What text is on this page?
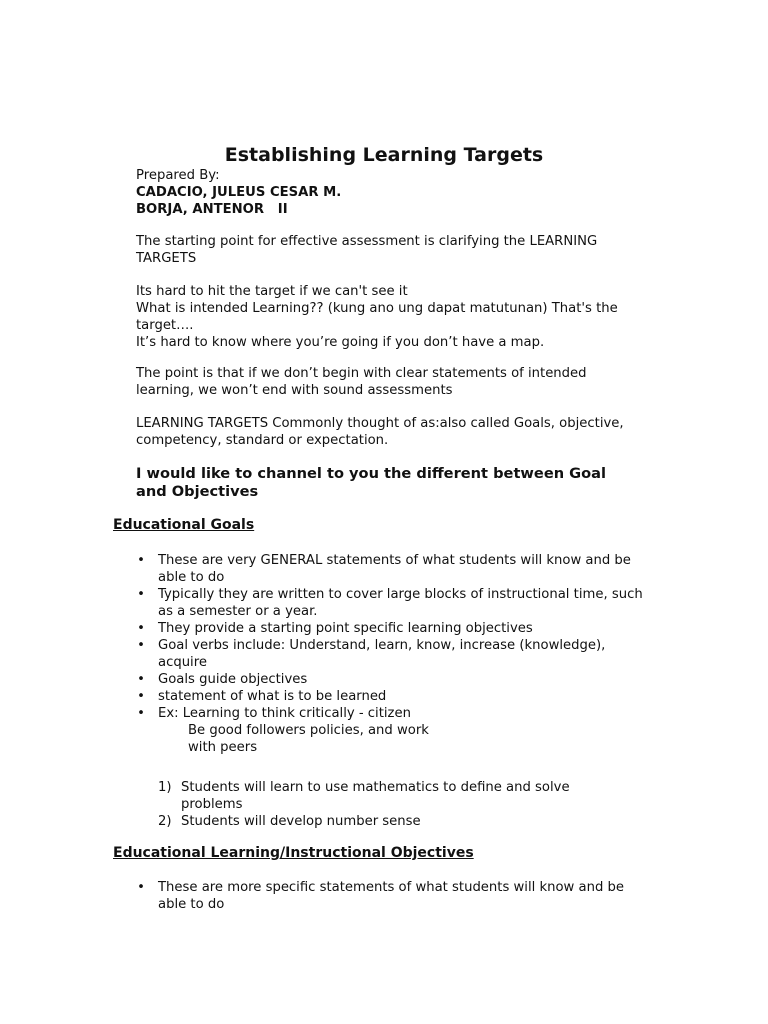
Establishing Learning Targets
Prepared By:
CADACIO, JULEUS CESAR M.
BORJA, ANTENOR   II
The starting point for effective assessment is clarifying the LEARNING TARGETS
Its hard to hit the target if we can't see it
What is intended Learning?? (kung ano ung dapat matutunan) That's the target….
It’s hard to know where you’re going if you don’t have a map.
The point is that if we don’t begin with clear statements of intended learning, we won’t end with sound assessments
LEARNING TARGETS Commonly thought of as:also called Goals, objective, competency, standard or expectation.
I would like to channel to you the different between Goal and Objectives
Educational Goals
• These are very GENERAL statements of what students will know and be able to do
• Typically they are written to cover large blocks of instructional time, such as a semester or a year.
• They provide a starting point specific learning objectives
• Goal verbs include: Understand, learn, know, increase (knowledge), acquire
• Goals guide objectives
• statement of what is to be learned
• Ex: Learning to think critically - citizen
Be good followers policies, and work
with peers
1) Students will learn to use mathematics to define and solve problems
2) Students will develop number sense
Educational Learning/Instructional Objectives
• These are more specific statements of what students will know and be able to do
